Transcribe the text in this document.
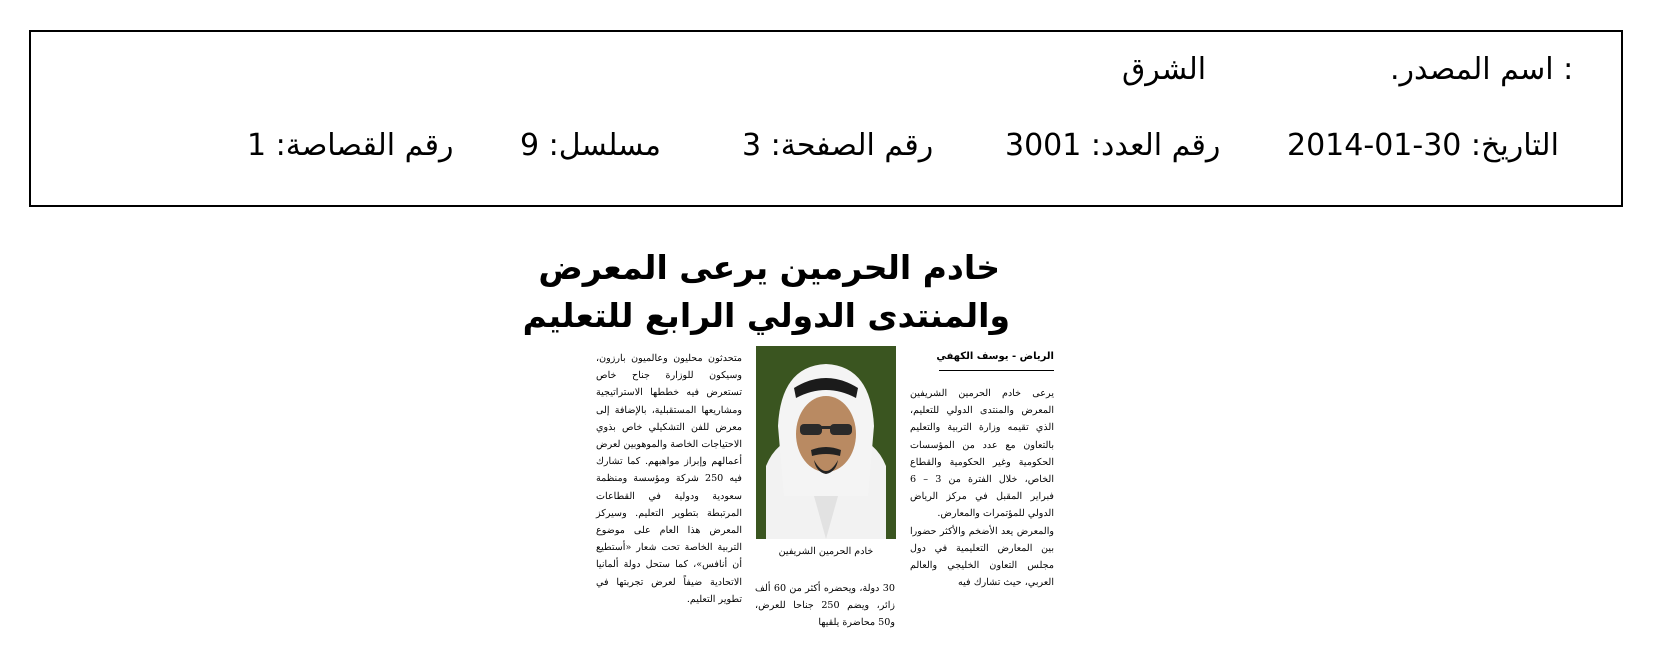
الشرق	.اسم المصدر :
رقم القصاصة: 1 مسلسل: 9	رقم الصفحة: 3 رقم العدد: 3001 التاريخ: 30-01-2014
خادم الحرمين يرعى المعرض
والمنتدى الدولي الرابع للتعليم
الرياض - يوسف الكهفي

يرعى خادم الحرمين الشريفين المعرض والمنتدى الدولي للتعليم، الذي تقيمه وزارة التربية والتعليم بالتعاون مع عدد من المؤسسات الحكومية وغير الحكومية والقطاع الخاص، خلال الفترة من 3 – 6 فبراير المقبل في مركز الرياض الدولي للمؤتمرات والمعارض.

والمعرض يعد الأضخم والأكثر حضورا بين المعارض التعليمية في دول مجلس التعاون الخليجي والعالم العربي، حيث تشارك فيه

خادم الحرمين الشريفين

30 دولة، ويحضره أكثر من 60 ألف زائر، ويضم 250 جناحا للعرض، و50 محاضرة يلقيها

متحدثون محليون وعالميون بارزون، وسيكون للوزارة جناح خاص تستعرض فيه خططها الاستراتيجية ومشاريعها المستقبلية، بالإضافة إلى معرض للفن التشكيلي خاص بذوي الاحتياجات الخاصة والموهوبين لعرض أعمالهم وإبراز مواهبهم. كما تشارك فيه 250 شركة ومؤسسة ومنظمة سعودية ودولية في القطاعات المرتبطة بتطوير التعليم. وسيركز المعرض هذا العام على موضوع التربية الخاصة تحت شعار «أستطيع أن أنافس»، كما ستحل دولة ألمانيا الاتحادية ضيفاً لعرض تجربتها في تطوير التعليم.
